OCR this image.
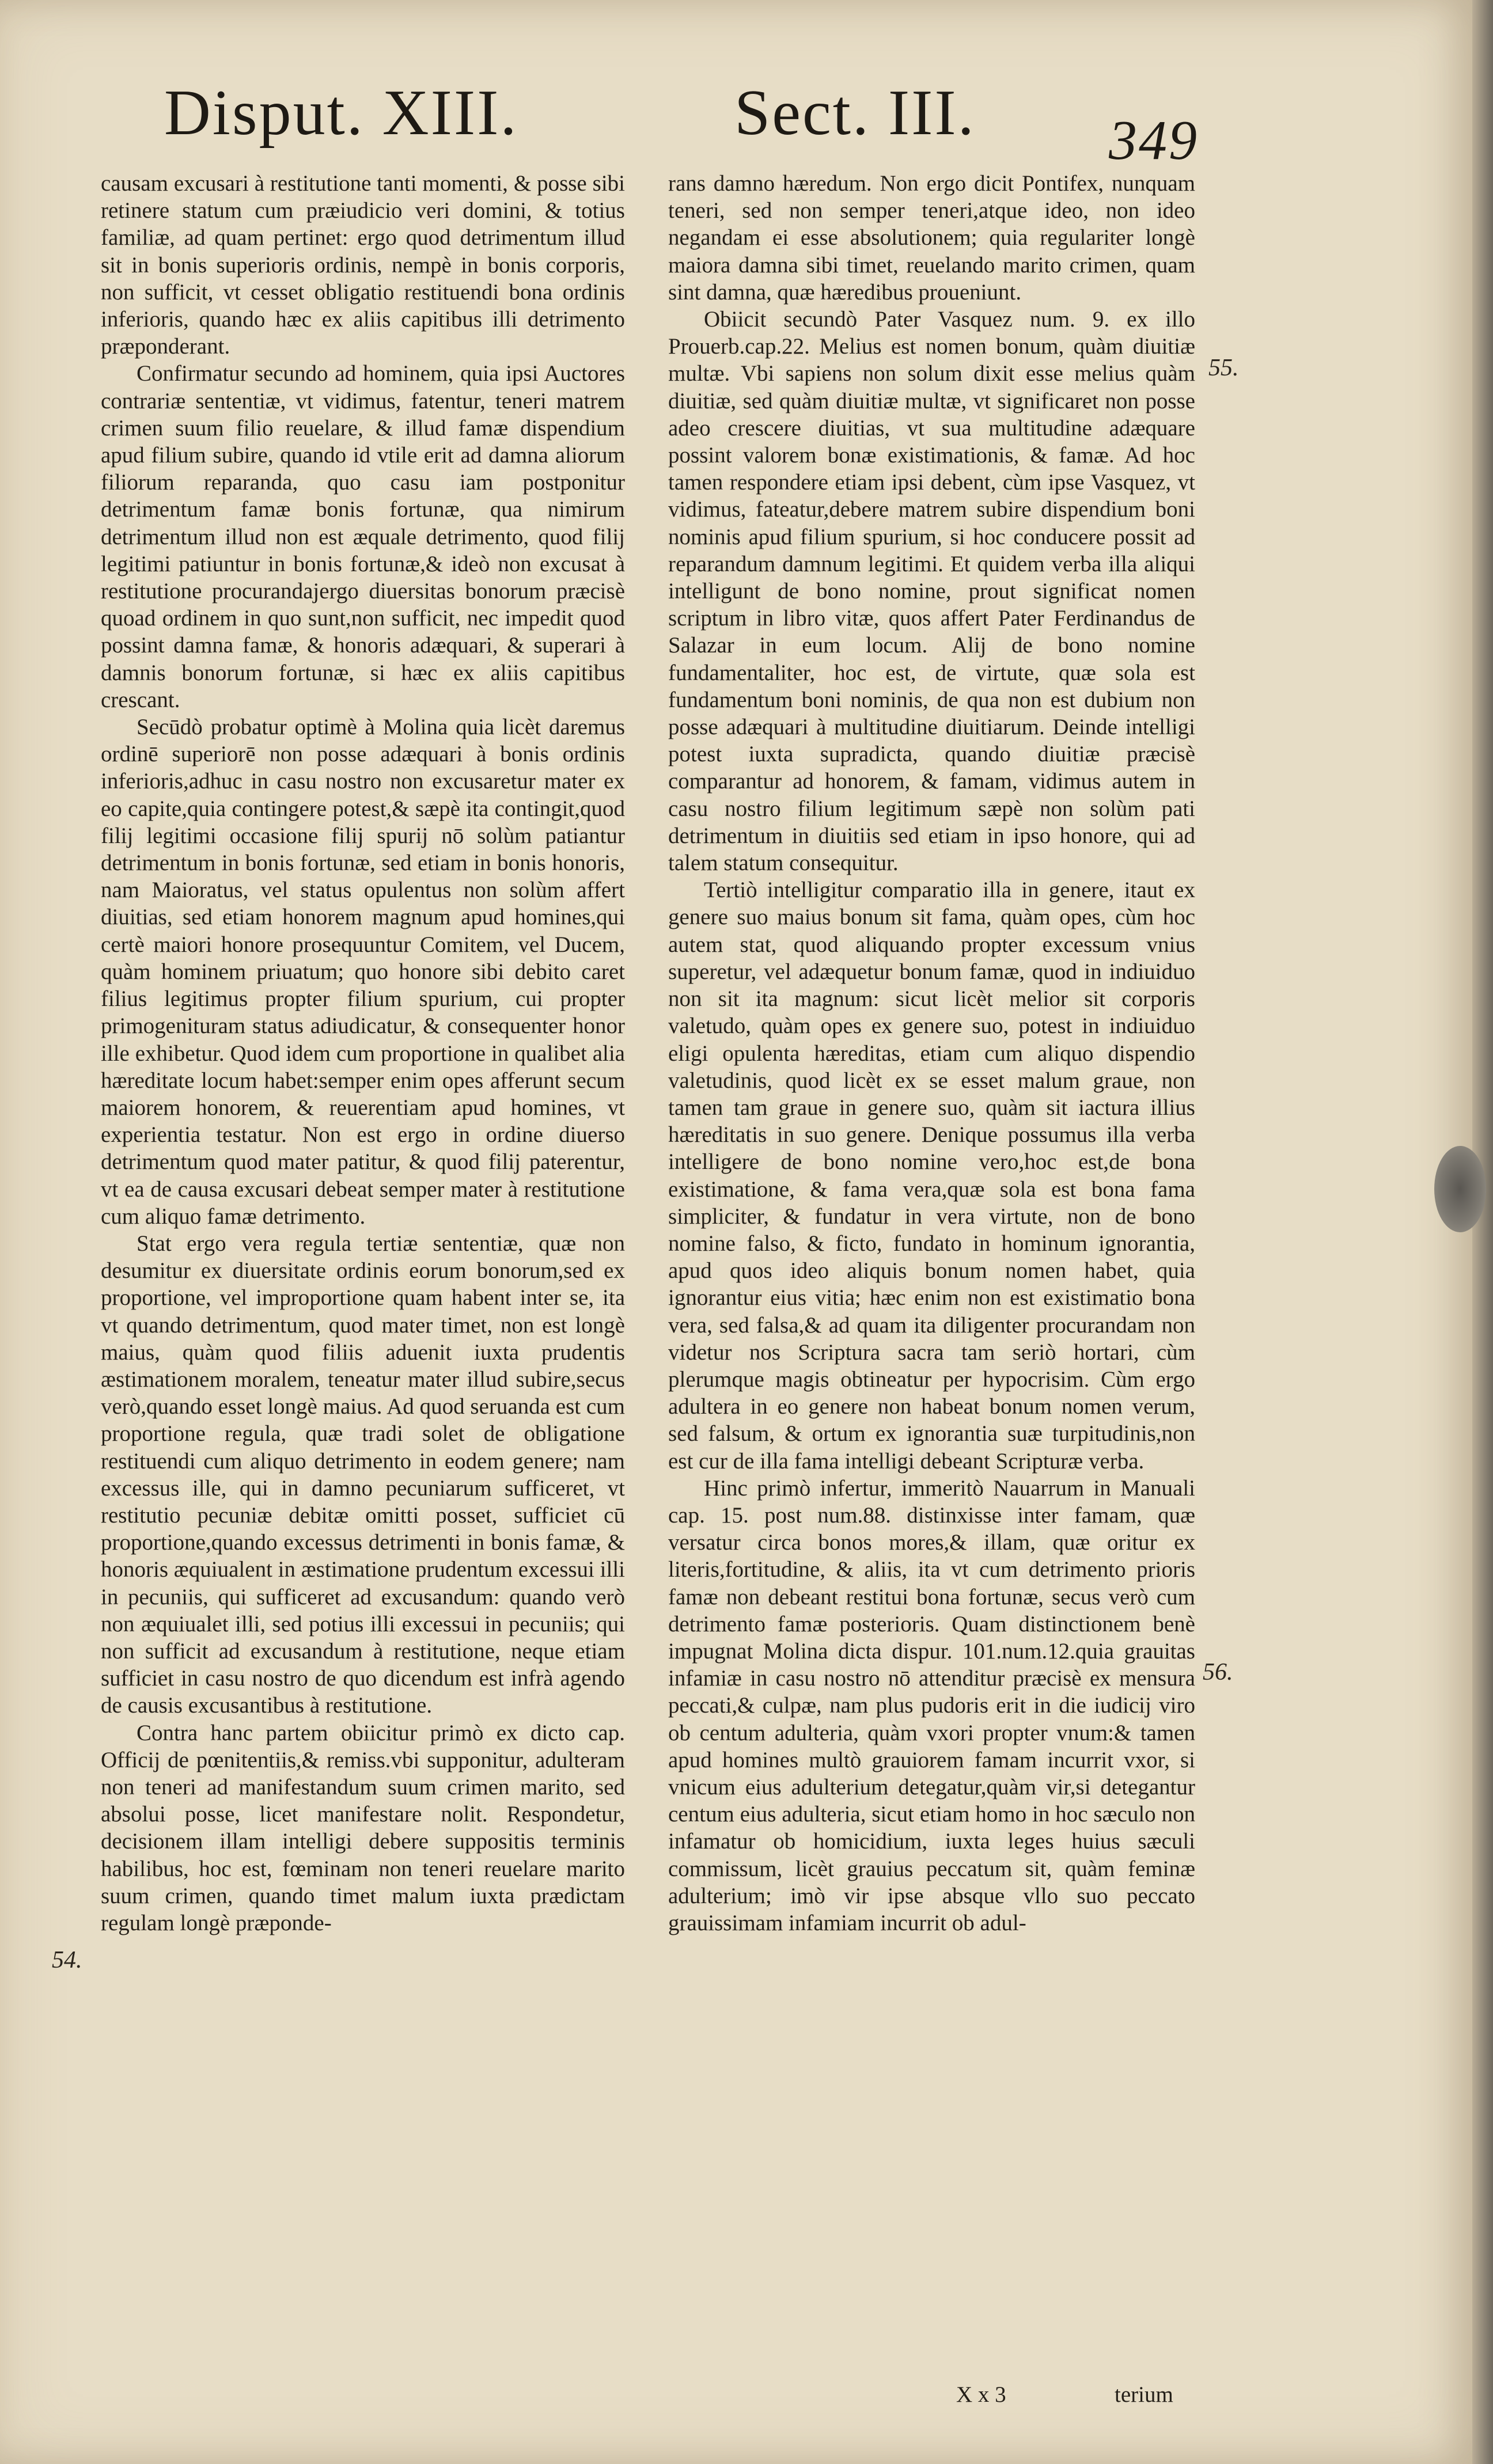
Disput. XIII.	Sect. III. 349

causam excusari à restitutione tanti momenti, & posse sibi retinere statum cum præiudicio veri domini, & totius familiæ, ad quam pertinet: ergo quod detrimentum illud sit in bonis superioris ordinis, nempè in bonis corporis, non sufficit, vt cesset obligatio restituendi bona ordinis inferioris, quando hæc ex aliis capitibus illi detrimento præponderant.

Confirmatur secundo ad hominem, quia ipsi Auctores contrariæ sententiæ, vt vidimus, fatentur, teneri matrem crimen suum filio reuelare, & illud famæ dispendium apud filium subire, quando id vtile erit ad damna aliorum filiorum reparanda, quo casu iam postponitur detrimentum famæ bonis fortunæ, qua nimirum detrimentum illud non est æquale detrimento, quod filij legitimi patiuntur in bonis fortunæ,& ideò non excusat à restitutione procurandajergo diuersitas bonorum præcisè quoad ordinem in quo sunt,non sufficit, nec impedit quod possint damna famæ, & honoris adæquari, & superari à damnis bonorum fortunæ, si hæc ex aliis capitibus crescant.

Secūdò probatur optimè à Molina quia licèt daremus ordinē superiorē non posse adæquari à bonis ordinis inferioris,adhuc in casu nostro non excusaretur mater ex eo capite,quia contingere potest,& sæpè ita contingit,quod filij legitimi occasione filij spurij nō solùm patiantur detrimentum in bonis fortunæ, sed etiam in bonis honoris, nam Maioratus, vel status opulentus non solùm affert diuitias, sed etiam honorem magnum apud homines,qui certè maiori honore prosequuntur Comitem, vel Ducem, quàm hominem priuatum; quo honore sibi debito caret filius legitimus propter filium spurium, cui propter primogenituram status adiudicatur, & consequenter honor ille exhibetur. Quod idem cum proportione in qualibet alia hæreditate locum habet:semper enim opes afferunt secum maiorem honorem, & reuerentiam apud homines, vt experientia testatur. Non est ergo in ordine diuerso detrimentum quod mater patitur, & quod filij paterentur, vt ea de causa excusari debeat semper mater à restitutione cum aliquo famæ detrimento.

Stat ergo vera regula tertiæ sententiæ, quæ non desumitur ex diuersitate ordinis eorum bonorum,sed ex proportione, vel improportione quam habent inter se, ita vt quando detrimentum, quod mater timet, non est longè maius, quàm quod filiis aduenit iuxta prudentis æstimationem moralem, teneatur mater illud subire,secus verò,quando esset longè maius. Ad quod seruanda est cum proportione regula, quæ tradi solet de obligatione restituendi cum aliquo detrimento in eodem genere; nam excessus ille, qui in damno pecuniarum sufficeret, vt restitutio pecuniæ debitæ omitti posset, sufficiet cū proportione,quando excessus detrimenti in bonis famæ, & honoris æquiualent in æstimatione prudentum excessui illi in pecuniis, qui sufficeret ad excusandum: quando verò non æquiualet illi, sed potius illi excessui in pecuniis; qui non sufficit ad excusandum à restitutione, neque etiam sufficiet in casu nostro de quo dicendum est infrà agendo de causis excusantibus à restitutione.

Contra hanc partem obiicitur primò ex dicto cap. Officij de pœnitentiis,& remiss.vbi supponitur, adulteram non teneri ad manifestandum suum crimen marito, sed absolui posse, licet manifestare nolit. Respondetur, decisionem illam intelligi debere suppositis terminis habilibus, hoc est, fœminam non teneri reuelare marito suum crimen, quando timet malum iuxta prædictam regulam longè præponde-

rans damno hæredum. Non ergo dicit Pontifex, nunquam teneri, sed non semper teneri,atque ideo, non ideo negandam ei esse absolutionem; quia regulariter longè maiora damna sibi timet, reuelando marito crimen, quam sint damna, quæ hæredibus proueniunt.

Obiicit secundò Pater Vasquez num. 9. ex illo Prouerb.cap.22. Melius est nomen bonum, quàm diuitiæ multæ. Vbi sapiens non solum dixit esse melius quàm diuitiæ, sed quàm diuitiæ multæ, vt significaret non posse adeo crescere diuitias, vt sua multitudine adæquare possint valorem bonæ existimationis, & famæ. Ad hoc tamen respondere etiam ipsi debent, cùm ipse Vasquez, vt vidimus, fateatur,debere matrem subire dispendium boni nominis apud filium spurium, si hoc conducere possit ad reparandum damnum legitimi. Et quidem verba illa aliqui intelligunt de bono nomine, prout significat nomen scriptum in libro vitæ, quos affert Pater Ferdinandus de Salazar in eum locum. Alij de bono nomine fundamentaliter, hoc est, de virtute, quæ sola est fundamentum boni nominis, de qua non est dubium non posse adæquari à multitudine diuitiarum. Deinde intelligi potest iuxta supradicta, quando diuitiæ præcisè comparantur ad honorem, & famam, vidimus autem in casu nostro filium legitimum sæpè non solùm pati detrimentum in diuitiis sed etiam in ipso honore, qui ad talem statum consequitur.

Tertiò intelligitur comparatio illa in genere, itaut ex genere suo maius bonum sit fama, quàm opes, cùm hoc autem stat, quod aliquando propter excessum vnius superetur, vel adæquetur bonum famæ, quod in indiuiduo non sit ita magnum: sicut licèt melior sit corporis valetudo, quàm opes ex genere suo, potest in indiuiduo eligi opulenta hæreditas, etiam cum aliquo dispendio valetudinis, quod licèt ex se esset malum graue, non tamen tam graue in genere suo, quàm sit iactura illius hæreditatis in suo genere. Denique possumus illa verba intelligere de bono nomine vero,hoc est,de bona existimatione, & fama vera,quæ sola est bona fama simpliciter, & fundatur in vera virtute, non de bono nomine falso, & ficto, fundato in hominum ignorantia, apud quos ideo aliquis bonum nomen habet, quia ignorantur eius vitia; hæc enim non est existimatio bona vera, sed falsa,& ad quam ita diligenter procurandam non videtur nos Scriptura sacra tam seriò hortari, cùm plerumque magis obtineatur per hypocrisim. Cùm ergo adultera in eo genere non habeat bonum nomen verum, sed falsum, & ortum ex ignorantia suæ turpitudinis,non est cur de illa fama intelligi debeant Scripturæ verba.

Hinc primò infertur, immeritò Nauarrum in Manuali cap. 15. post num.88. distinxisse inter famam, quæ versatur circa bonos mores,& illam, quæ oritur ex literis,fortitudine, & aliis, ita vt cum detrimento prioris famæ non debeant restitui bona fortunæ, secus verò cum detrimento famæ posterioris. Quam distinctionem benè impugnat Molina dicta dispur. 101.num.12.quia grauitas infamiæ in casu nostro nō attenditur præcisè ex mensura peccati,& culpæ, nam plus pudoris erit in die iudicij viro ob centum adulteria, quàm vxori propter vnum:& tamen apud homines multò grauiorem famam incurrit vxor, si vnicum eius adulterium detegatur,quàm vir,si detegantur centum eius adulteria, sicut etiam homo in hoc sæculo non infamatur ob homicidium, iuxta leges huius sæculi commissum, licèt grauius peccatum sit, quàm feminæ adulterium; imò vir ipse absque vllo suo peccato grauissimam infamiam incurrit ob adul-

55.
56.
54.
X x 3	terium
